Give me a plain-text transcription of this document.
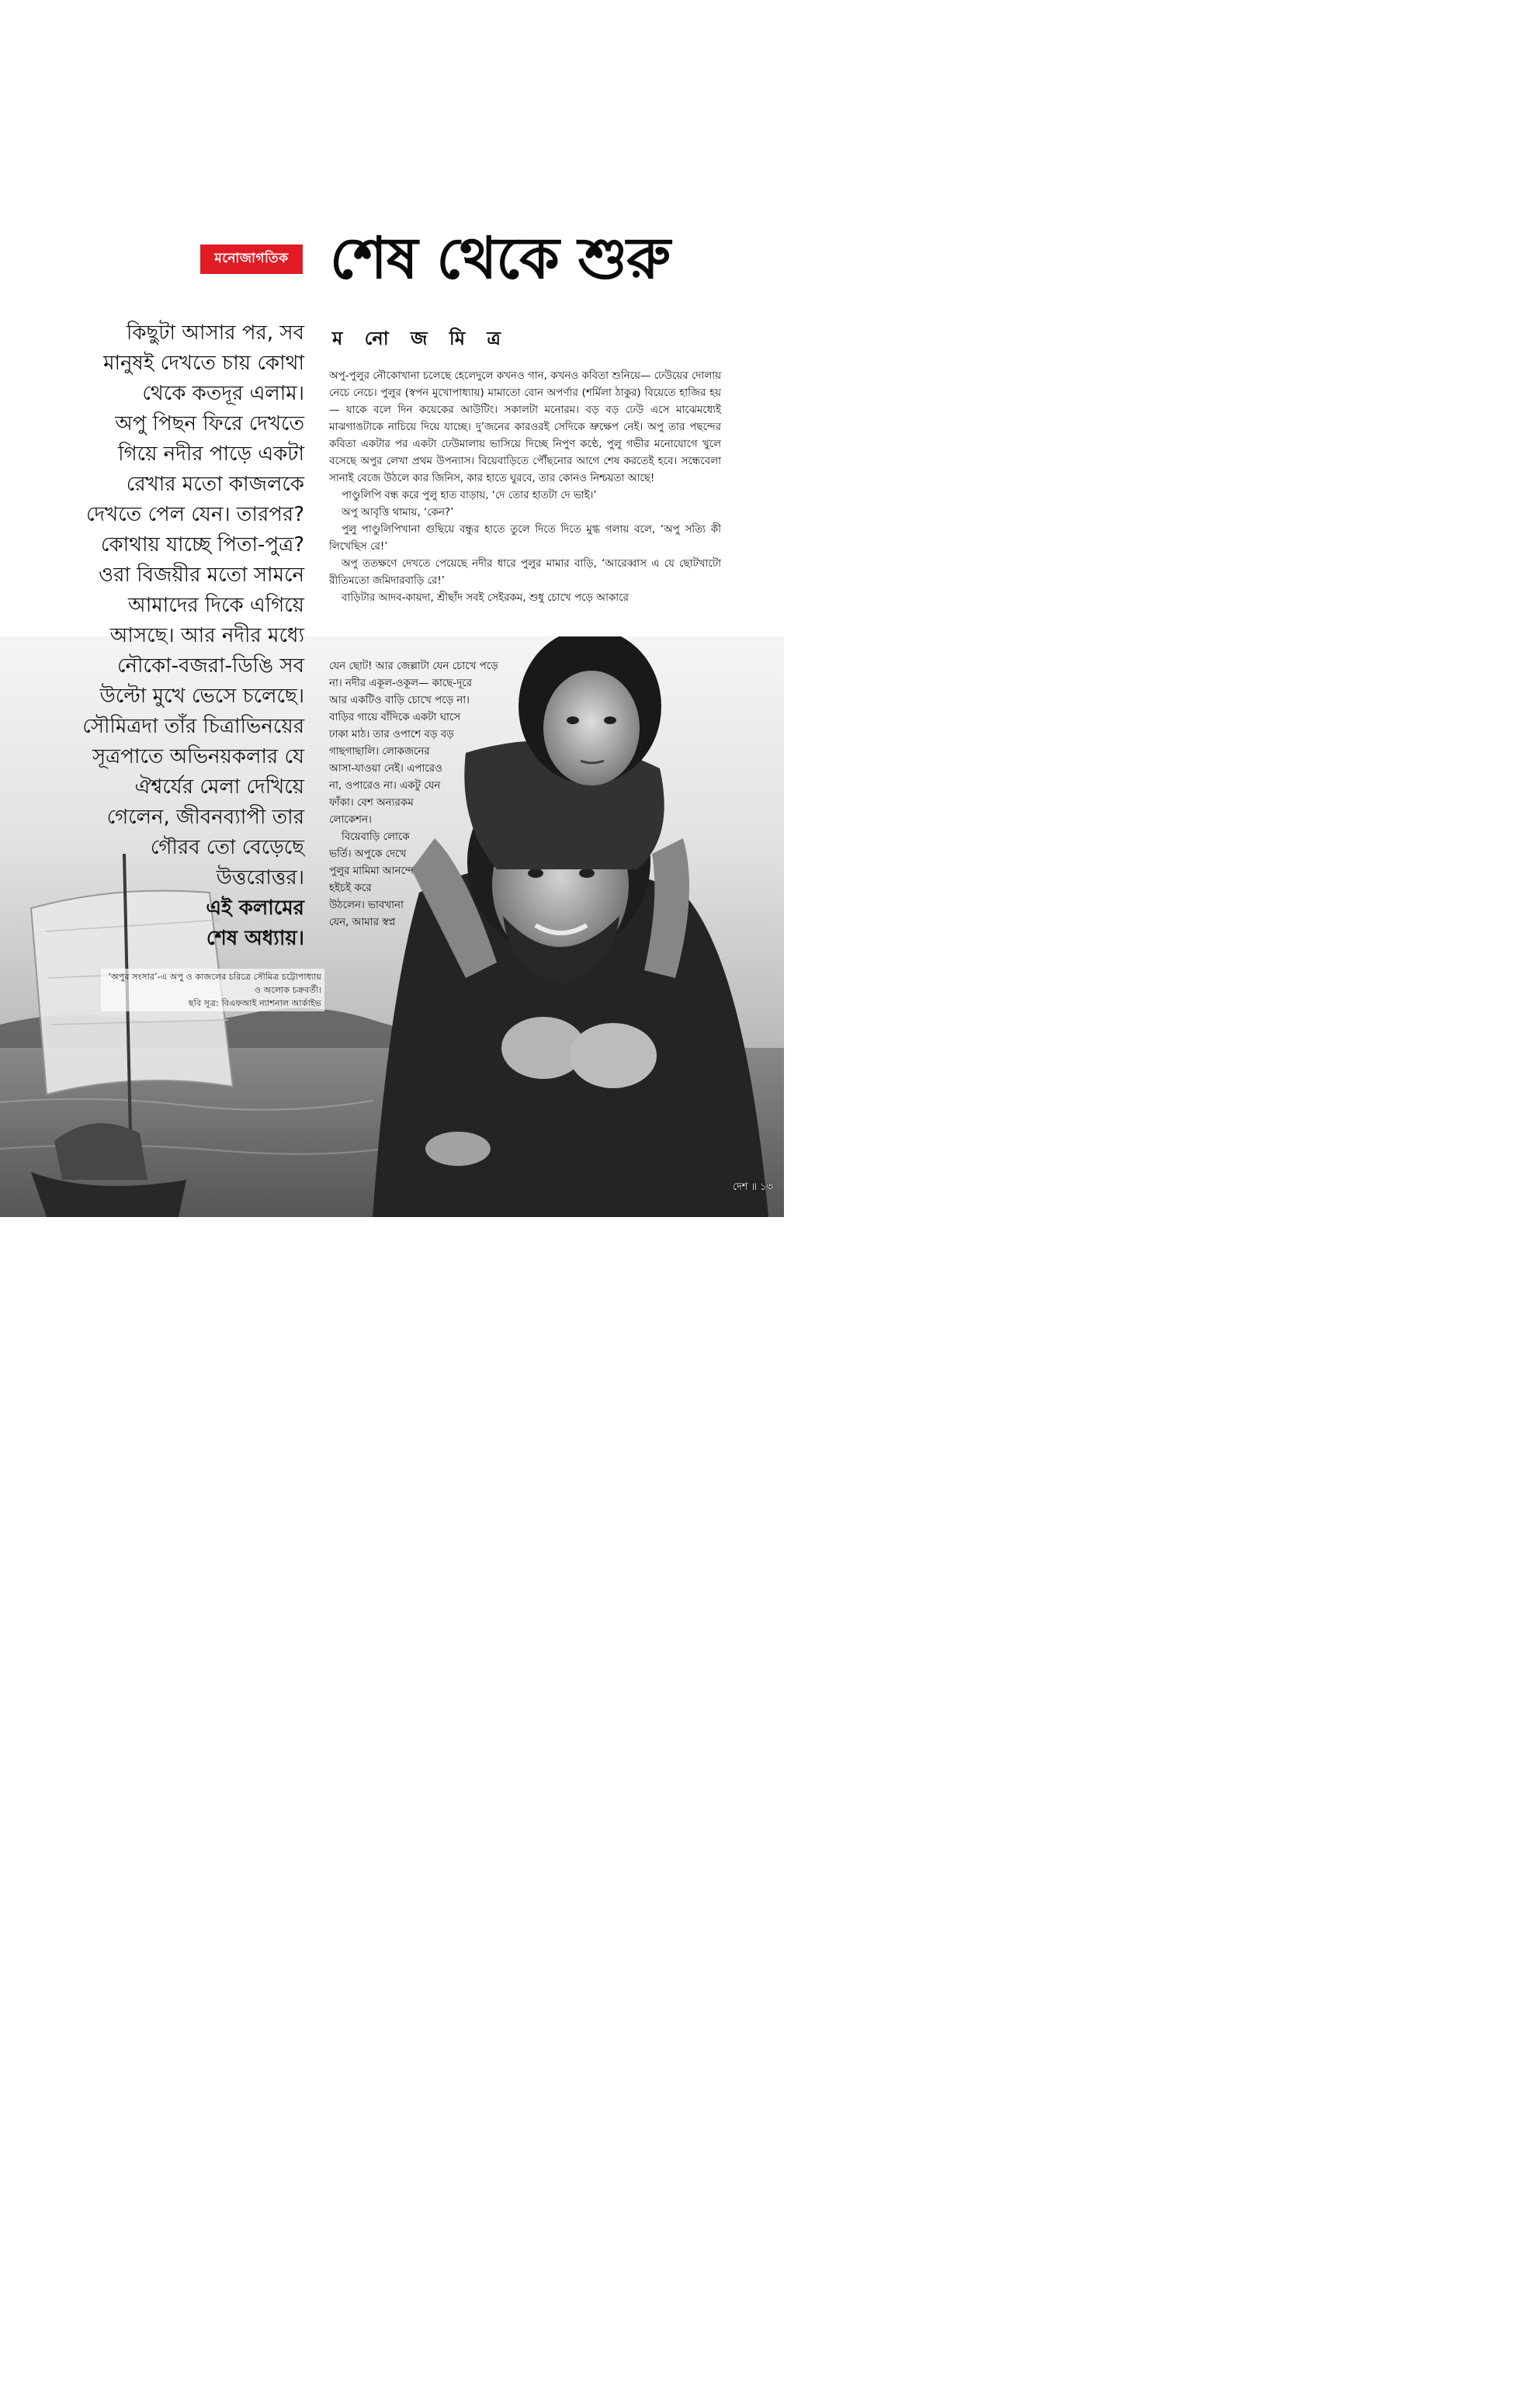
মনোজাগতিক শেষ থেকে শুরু
ম নো জ মি ত্র
কিছুটা আসার পর, সব
মানুষই দেখতে চায় কোথা
থেকে কতদূর এলাম।
অপু পিছন ফিরে দেখতে
গিয়ে নদীর পাড়ে একটা
রেখার মতো কাজলকে
দেখতে পেল যেন। তারপর?
কোথায় যাচ্ছে পিতা-পুত্র?
ওরা বিজয়ীর মতো সামনে
আমাদের দিকে এগিয়ে
আসছে। আর নদীর মধ্যে
নৌকো-বজরা-ডিঙি সব
উল্টো মুখে ভেসে চলেছে।
সৌমিত্রদা তাঁর চিত্রাভিনয়ের
সূত্রপাতে অভিনয়কলার যে
ঐশ্বর্যের মেলা দেখিয়ে
গেলেন, জীবনব্যাপী তার
গৌরব তো বেড়েছে
উত্তরোত্তর।
এই কলামের
শেষ অধ্যায়।

অপু-পুলুর নৌকোখানা চলেছে হেলেদুলে কখনও গান, কখনও কবিতা শুনিয়ে— ঢেউয়ের দোলায় নেচে নেচে। পুলুর (স্বপন মুখোপাধ্যায়) মামাতো বোন অপর্ণার (শর্মিলা ঠাকুর) বিয়েতে হাজির হয়— যাকে বলে দিন কয়েকের আউটিং। সকালটা মনোরম। বড় বড় ঢেউ এসে মাঝেমধ্যেই মাঝগাঙটাকে নাচিয়ে দিয়ে যাচ্ছে। দু’জনের কারওরই সেদিকে ভ্রুক্ষেপ নেই। অপু তার পছন্দের কবিতা একটার পর একটা ঢেউমালায় ভাসিয়ে দিচ্ছে নিপুণ কণ্ঠে, পুলু গভীর মনোযোগে খুলে বসেছে অপুর লেখা প্রথম উপন্যাস। বিয়েবাড়িতে পৌঁছনোর আগে শেষ করতেই হবে। সন্ধেবেলা সানাই বেজে উঠলে কার জিনিস, কার হাতে ঘুরবে, তার কোনও নিশ্চয়তা আছে!

পাণ্ডুলিপি বন্ধ করে পুলু হাত বাড়ায়, ‘দে তোর হাতটা দে ভাই।’

অপু আবৃত্তি থামায়, ‘কেন?’

পুলু পাণ্ডুলিপিখানা গুছিয়ে বন্ধুর হাতে তুলে দিতে দিতে মুগ্ধ গলায় বলে, ‘অপু সত্যি কী লিখেছিস রে!’

অপু ততক্ষণে দেখতে পেয়েছে নদীর ধারে পুলুর মামার বাড়ি, ‘আরেব্বাস এ যে ছোটখাটো রীতিমতো জমিদারবাড়ি রে!’

বাড়িটার আদব-কায়দা, শ্রীছাঁদ সবই সেইরকম, শুধু চোখে পড়ে আকারে

যেন ছোট! আর জেল্লাটা যেন চোখে পড়ে
না। নদীর একূল-ওকূল— কাছে-দূরে
আর একটিও বাড়ি চোখে পড়ে না।
বাড়ির গায়ে বাঁদিকে একটা ঘাসে
ঢাকা মাঠ। তার ওপাশে বড় বড়
গাছগাছালি। লোকজনের
আসা-যাওয়া নেই। এপারেও
না, ওপারেও না। একটু যেন
ফাঁকা। বেশ অন্যরকম
লোকেশন।
বিয়েবাড়ি লোকে
ভর্তি। অপুকে দেখে
পুলুর মামিমা আনন্দে
হইচই করে
উঠলেন। ভাবখানা
যেন, আমার স্বপ্ন
‘অপুর সংসার’-এ অপু ও কাজলের চরিত্রে সৌমিত্র চট্টোপাধ্যায়
ও অলোক চক্রবর্তী।
ছবি সূত্র: বিএফআই ন্যাশনাল আর্কাইভ
দেশ ॥ ১৩
